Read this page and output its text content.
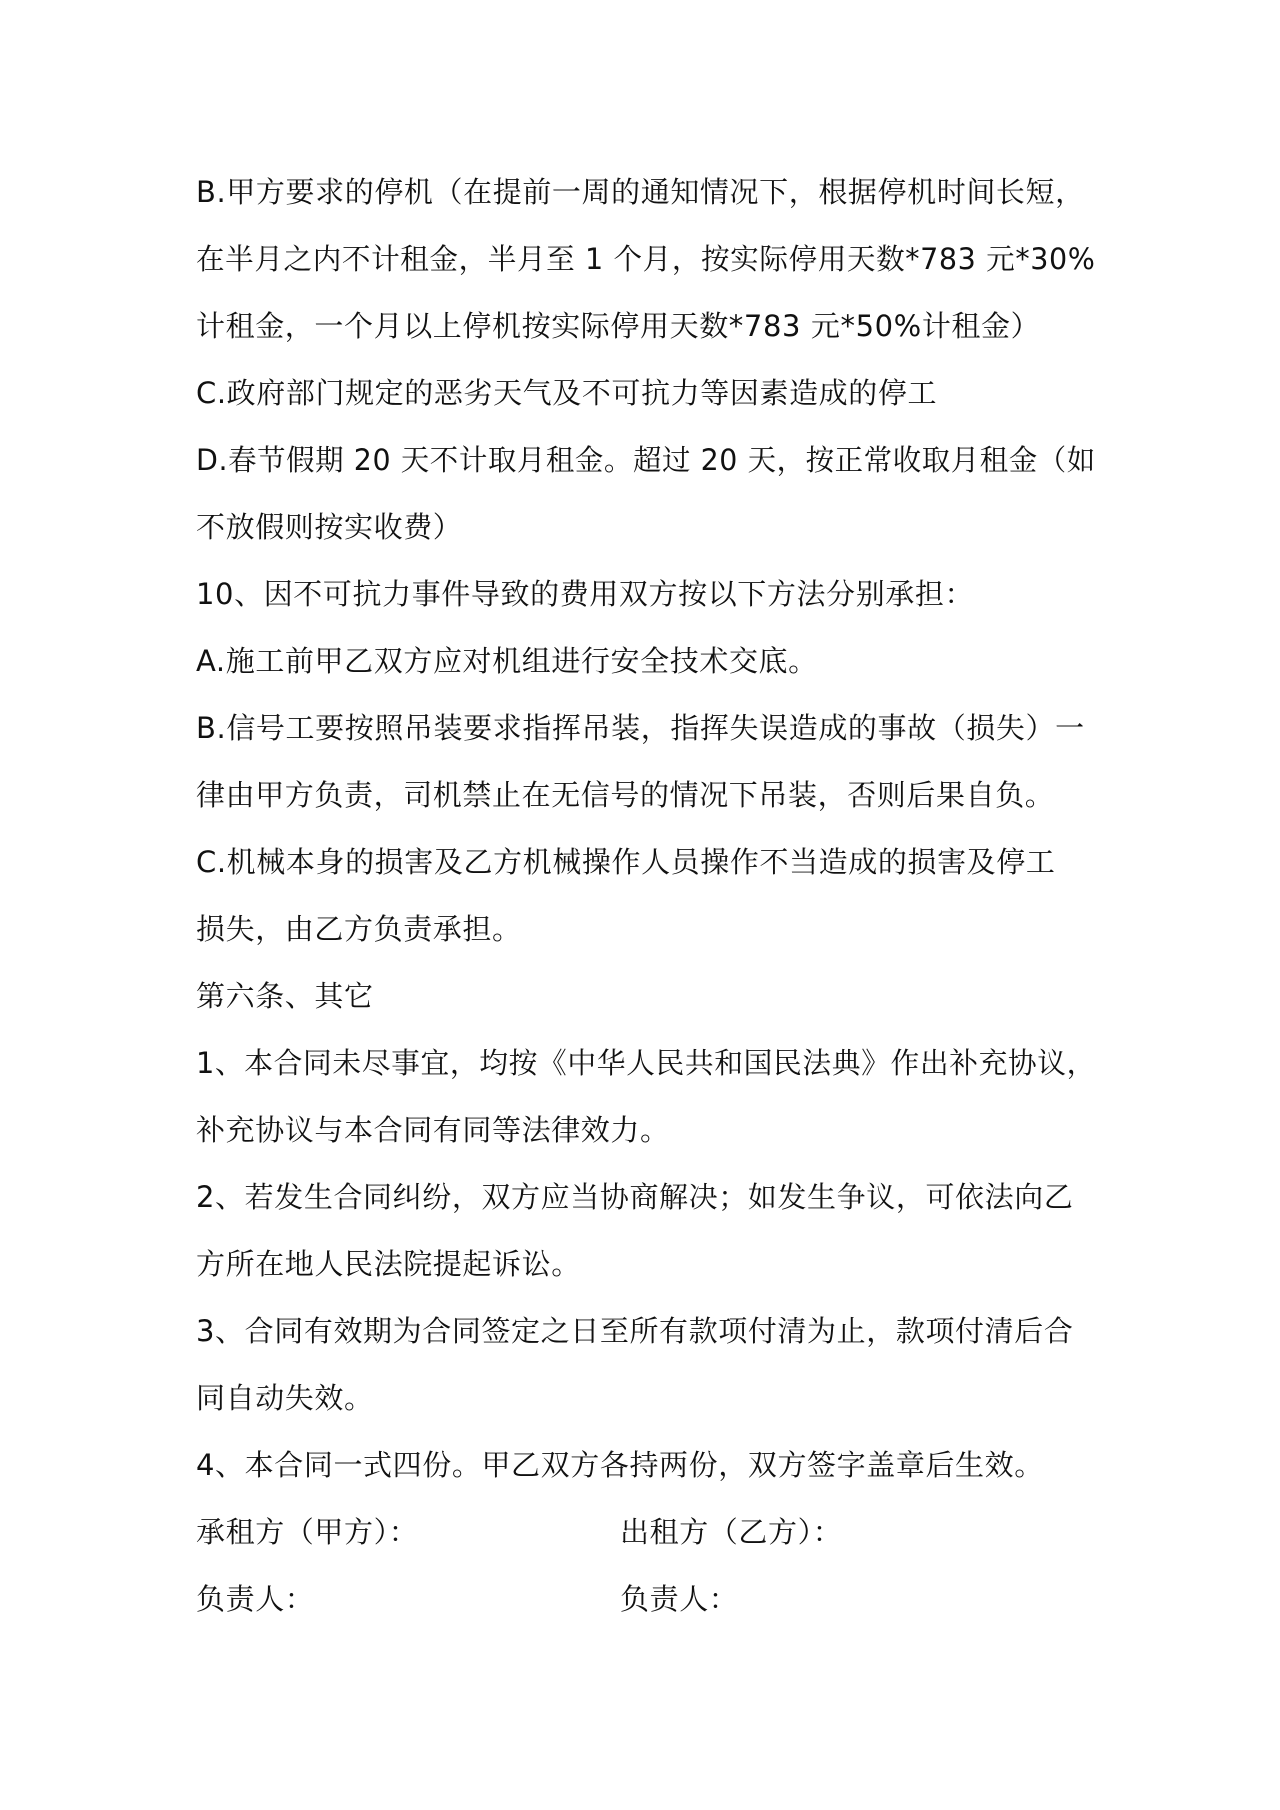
B.甲方要求的停机（在提前一周的通知情况下，根据停机时间长短，
在半月之内不计租金，半月至 1 个月，按实际停用天数*783 元*30%
计租金，一个月以上停机按实际停用天数*783 元*50%计租金）
C.政府部门规定的恶劣天气及不可抗力等因素造成的停工
D.春节假期 20 天不计取月租金。超过 20 天，按正常收取月租金（如
不放假则按实收费）
10、因不可抗力事件导致的费用双方按以下方法分别承担：
A.施工前甲乙双方应对机组进行安全技术交底。
B.信号工要按照吊装要求指挥吊装，指挥失误造成的事故（损失）一
律由甲方负责，司机禁止在无信号的情况下吊装，否则后果自负。
C.机械本身的损害及乙方机械操作人员操作不当造成的损害及停工
损失，由乙方负责承担。
第六条、其它
1、本合同未尽事宜，均按《中华人民共和国民法典》作出补充协议，
补充协议与本合同有同等法律效力。
2、若发生合同纠纷，双方应当协商解决；如发生争议，可依法向乙
方所在地人民法院提起诉讼。
3、合同有效期为合同签定之日至所有款项付清为止，款项付清后合
同自动失效。
4、本合同一式四份。甲乙双方各持两份，双方签字盖章后生效。
承租方（甲方）：	出租方（乙方）：
负责人：	负责人：
